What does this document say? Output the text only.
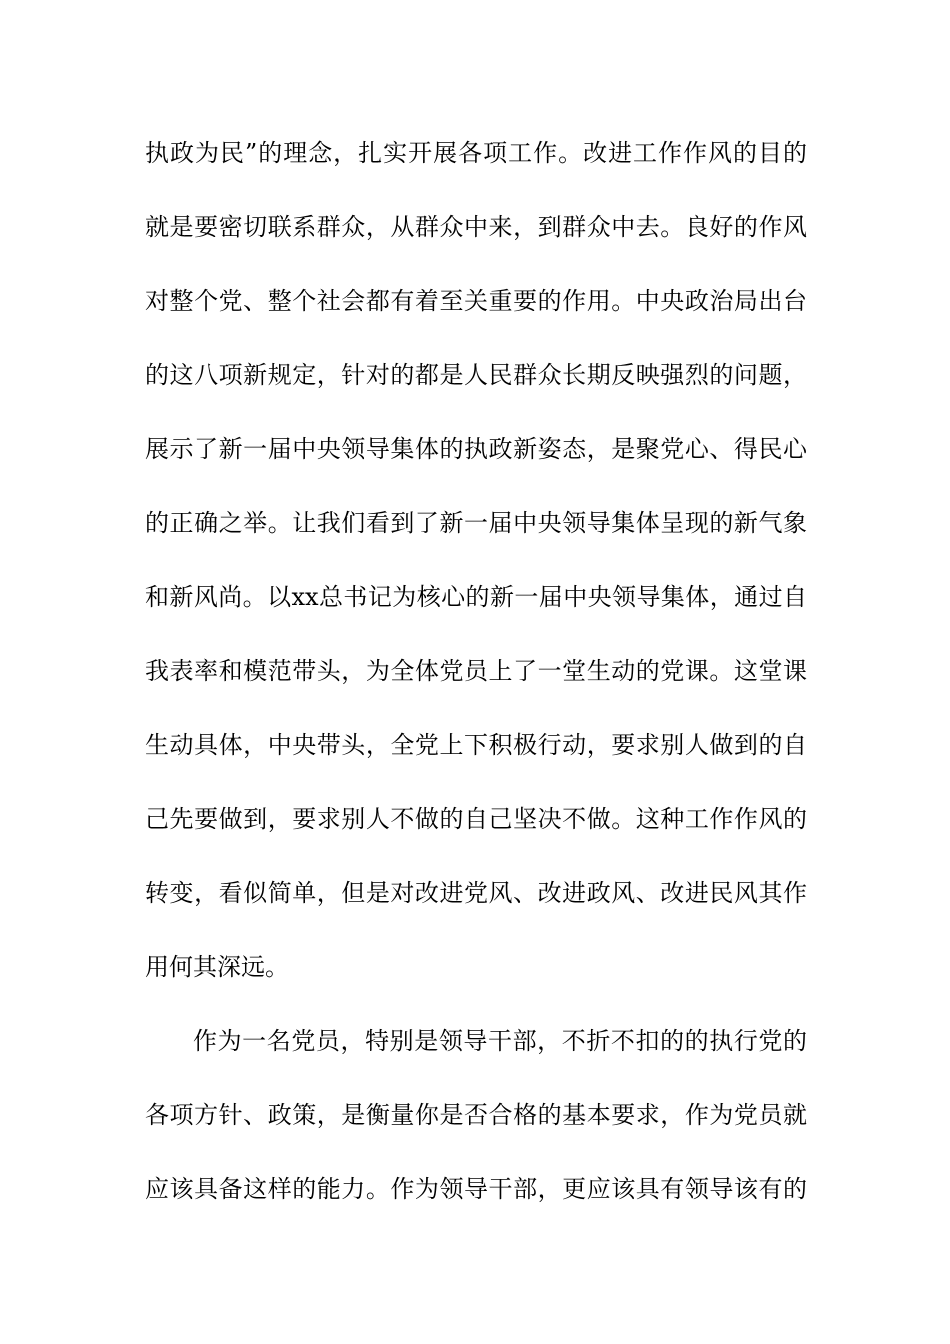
执政为民”的理念，扎实开展各项工作。改进工作作风的目的
就是要密切联系群众，从群众中来，到群众中去。良好的作风
对整个党、整个社会都有着至关重要的作用。中央政治局出台
的这八项新规定，针对的都是人民群众长期反映强烈的问题，
展示了新一届中央领导集体的执政新姿态，是聚党心、得民心
的正确之举。让我们看到了新一届中央领导集体呈现的新气象
和新风尚。以xx总书记为核心的新一届中央领导集体，通过自
我表率和模范带头，为全体党员上了一堂生动的党课。这堂课
生动具体，中央带头，全党上下积极行动，要求别人做到的自
己先要做到，要求别人不做的自己坚决不做。这种工作作风的
转变，看似简单，但是对改进党风、改进政风、改进民风其作
用何其深远。
作为一名党员，特别是领导干部，不折不扣的的执行党的
各项方针、政策，是衡量你是否合格的基本要求，作为党员就
应该具备这样的能力。作为领导干部，更应该具有领导该有的
